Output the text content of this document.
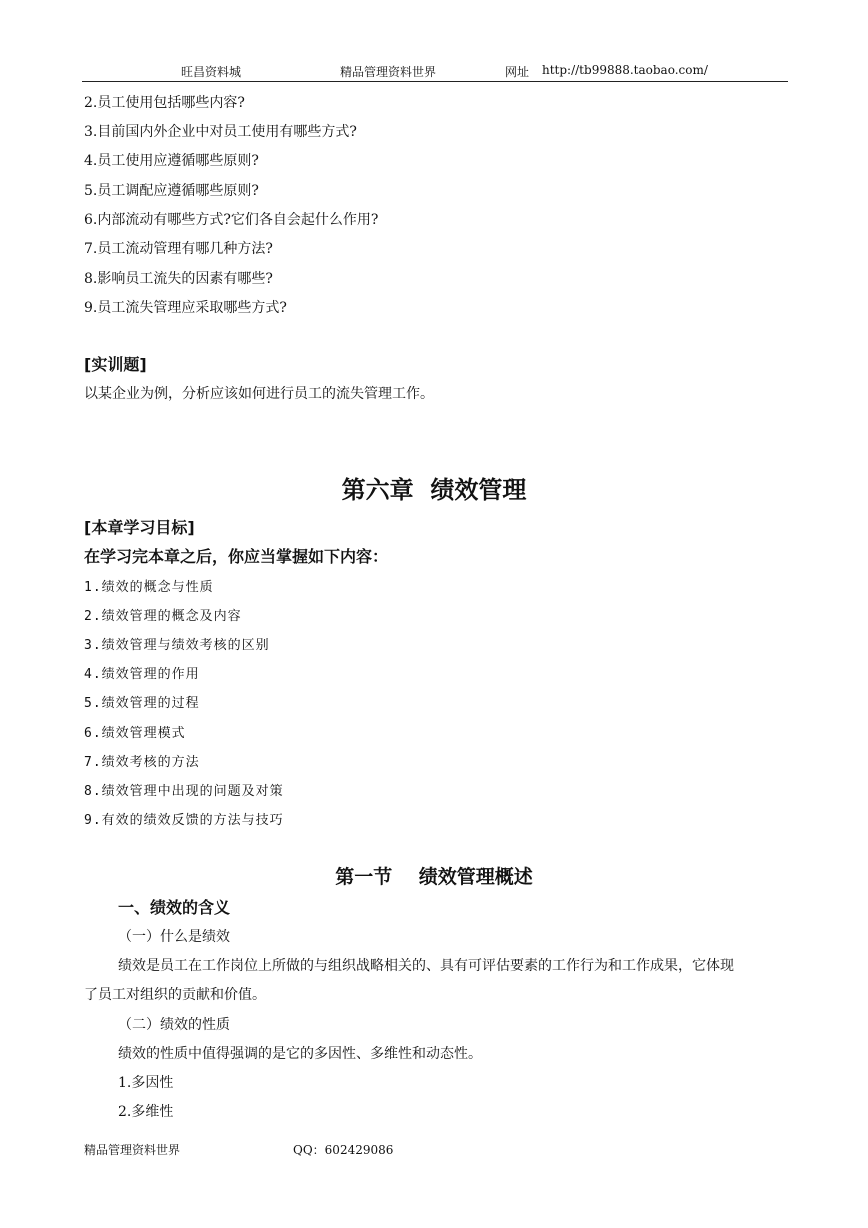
旺昌资料城	精品管理资料世界	网址 http://tb99888.taobao.com/
2.员工使用包括哪些内容?
3.目前国内外企业中对员工使用有哪些方式?
4.员工使用应遵循哪些原则?
5.员工调配应遵循哪些原则?
6.内部流动有哪些方式?它们各自会起什么作用?
7.员工流动管理有哪几种方法?
8.影响员工流失的因素有哪些?
9.员工流失管理应采取哪些方式?
[实训题]
以某企业为例，分析应该如何进行员工的流失管理工作。
第六章  绩效管理
[本章学习目标]
在学习完本章之后，你应当掌握如下内容：
1.绩效的概念与性质
2.绩效管理的概念及内容
3.绩效管理与绩效考核的区别
4.绩效管理的作用
5.绩效管理的过程
6.绩效管理模式
7.绩效考核的方法
8.绩效管理中出现的问题及对策
9.有效的绩效反馈的方法与技巧
第一节    绩效管理概述
一、绩效的含义
（一）什么是绩效
绩效是员工在工作岗位上所做的与组织战略相关的、具有可评估要素的工作行为和工作成果，它体现
了员工对组织的贡献和价值。
（二）绩效的性质
绩效的性质中值得强调的是它的多因性、多维性和动态性。
1.多因性
2.多维性
精品管理资料世界	QQ：602429086
